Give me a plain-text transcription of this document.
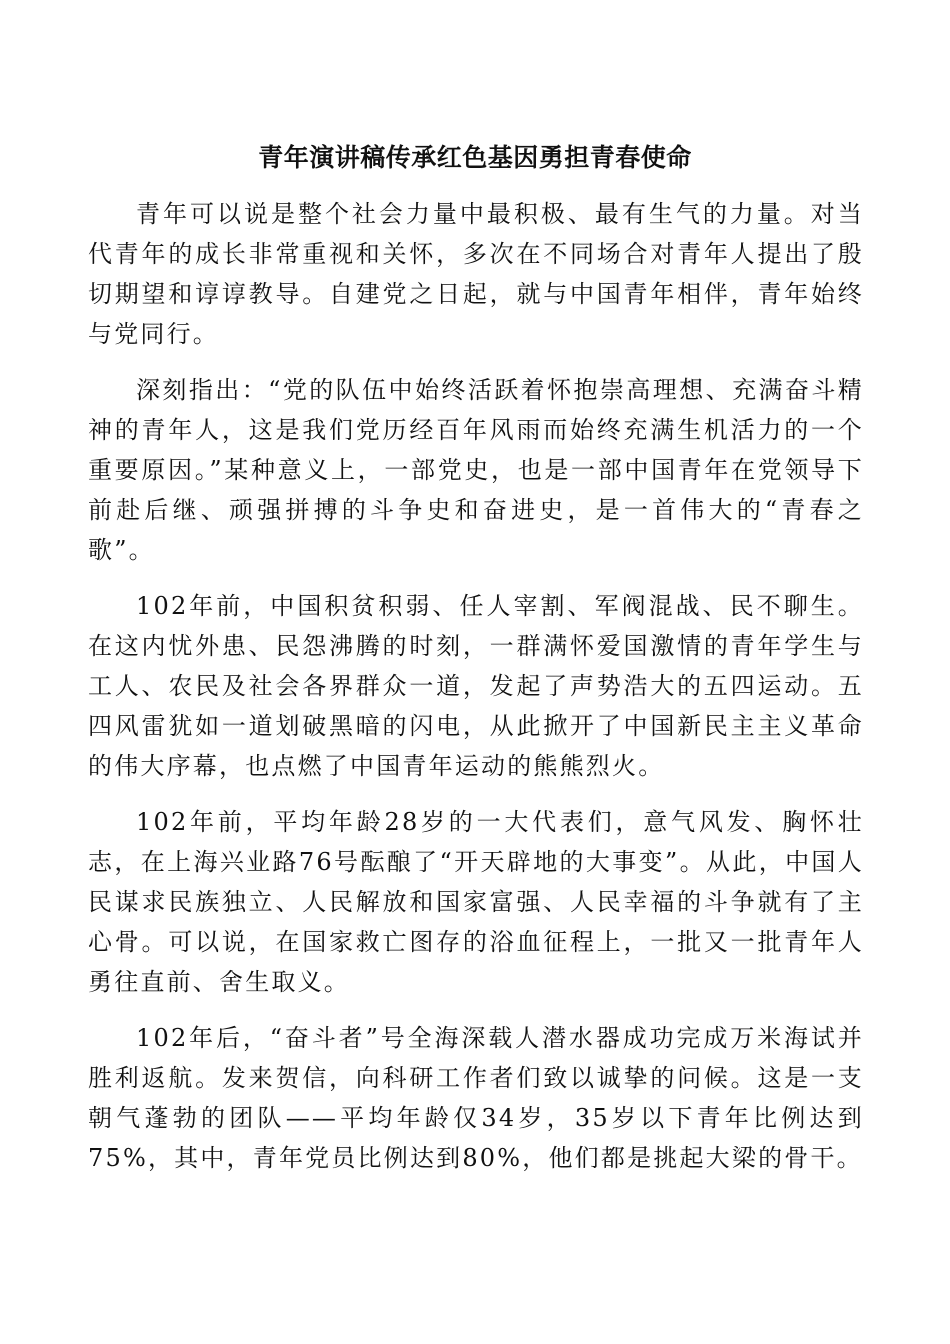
青年演讲稿传承红色基因勇担青春使命

青年可以说是整个社会力量中最积极、最有生气的力量。对当代青年的成长非常重视和关怀，多次在不同场合对青年人提出了殷切期望和谆谆教导。自建党之日起，就与中国青年相伴，青年始终与党同行。

深刻指出：“党的队伍中始终活跃着怀抱崇高理想、充满奋斗精神的青年人，这是我们党历经百年风雨而始终充满生机活力的一个重要原因。”某种意义上，一部党史，也是一部中国青年在党领导下前赴后继、顽强拼搏的斗争史和奋进史，是一首伟大的“青春之歌”。

102年前，中国积贫积弱、任人宰割、军阀混战、民不聊生。在这内忧外患、民怨沸腾的时刻，一群满怀爱国激情的青年学生与工人、农民及社会各界群众一道，发起了声势浩大的五四运动。五四风雷犹如一道划破黑暗的闪电，从此掀开了中国新民主主义革命的伟大序幕，也点燃了中国青年运动的熊熊烈火。

102年前，平均年龄28岁的一大代表们，意气风发、胸怀壮志，在上海兴业路76号酝酿了“开天辟地的大事变”。从此，中国人民谋求民族独立、人民解放和国家富强、人民幸福的斗争就有了主心骨。可以说，在国家救亡图存的浴血征程上，一批又一批青年人勇往直前、舍生取义。

102年后，“奋斗者”号全海深载人潜水器成功完成万米海试并胜利返航。发来贺信，向科研工作者们致以诚挚的问候。这是一支朝气蓬勃的团队——平均年龄仅34岁，35岁以下青年比例达到75%，其中，青年党员比例达到80%，他们都是挑起大梁的骨干。
